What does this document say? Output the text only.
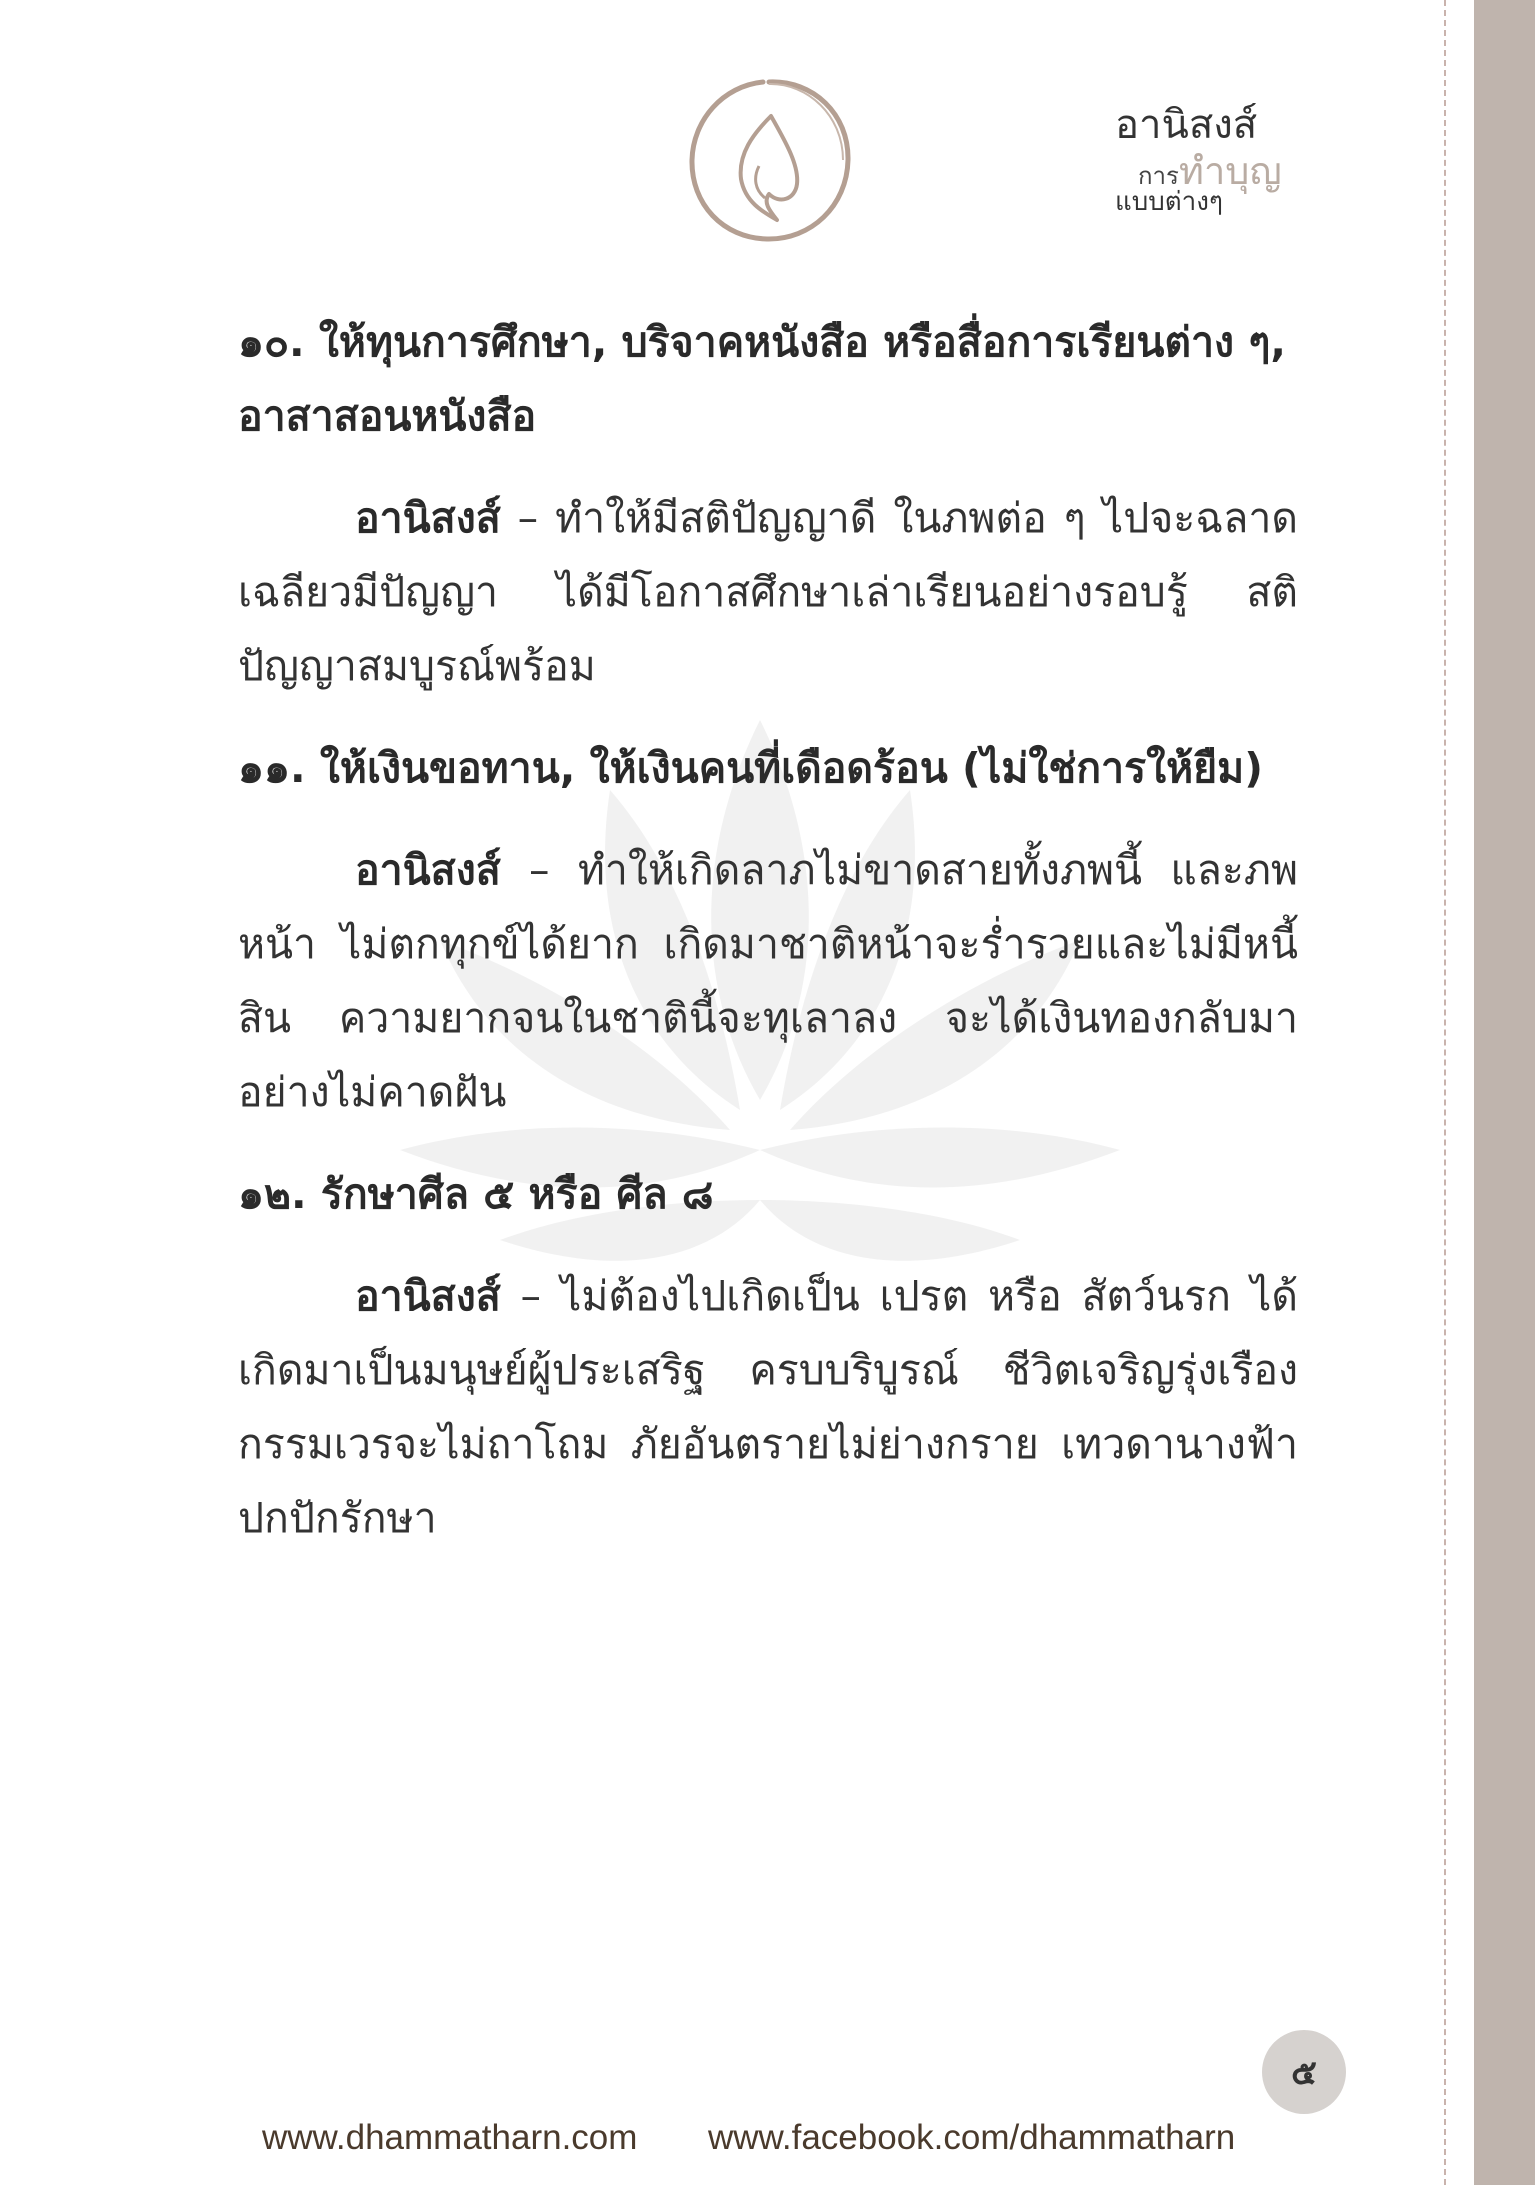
อานิสงส์
การทำบุญ
แบบต่างๆ

๑๐. ให้ทุนการศึกษา, บริจาคหนังสือ หรือสื่อการเรียนต่าง ๆ, อาสาสอนหนังสือ

อานิสงส์ – ทำให้มีสติปัญญาดี ในภพต่อ ๆ ไปจะฉลาดเฉลียวมีปัญญา ได้มีโอกาสศึกษาเล่าเรียนอย่างรอบรู้ สติปัญญาสมบูรณ์พร้อม

๑๑. ให้เงินขอทาน, ให้เงินคนที่เดือดร้อน (ไม่ใช่การให้ยืม)

อานิสงส์ – ทำให้เกิดลาภไม่ขาดสายทั้งภพนี้ และภพหน้า ไม่ตกทุกข์ได้ยาก เกิดมาชาติหน้าจะร่ำรวยและไม่มีหนี้สิน ความยากจนในชาตินี้จะทุเลาลง จะได้เงินทองกลับมาอย่างไม่คาดฝัน

๑๒. รักษาศีล ๕ หรือ ศีล ๘

อานิสงส์ – ไม่ต้องไปเกิดเป็น เปรต หรือ สัตว์นรก ได้เกิดมาเป็นมนุษย์ผู้ประเสริฐ ครบบริบูรณ์ ชีวิตเจริญรุ่งเรือง กรรมเวรจะไม่ถาโถม ภัยอันตรายไม่ย่างกราย เทวดานางฟ้า ปกปักรักษา

๕
www.dhammatharn.com www.facebook.com/dhammatharn
